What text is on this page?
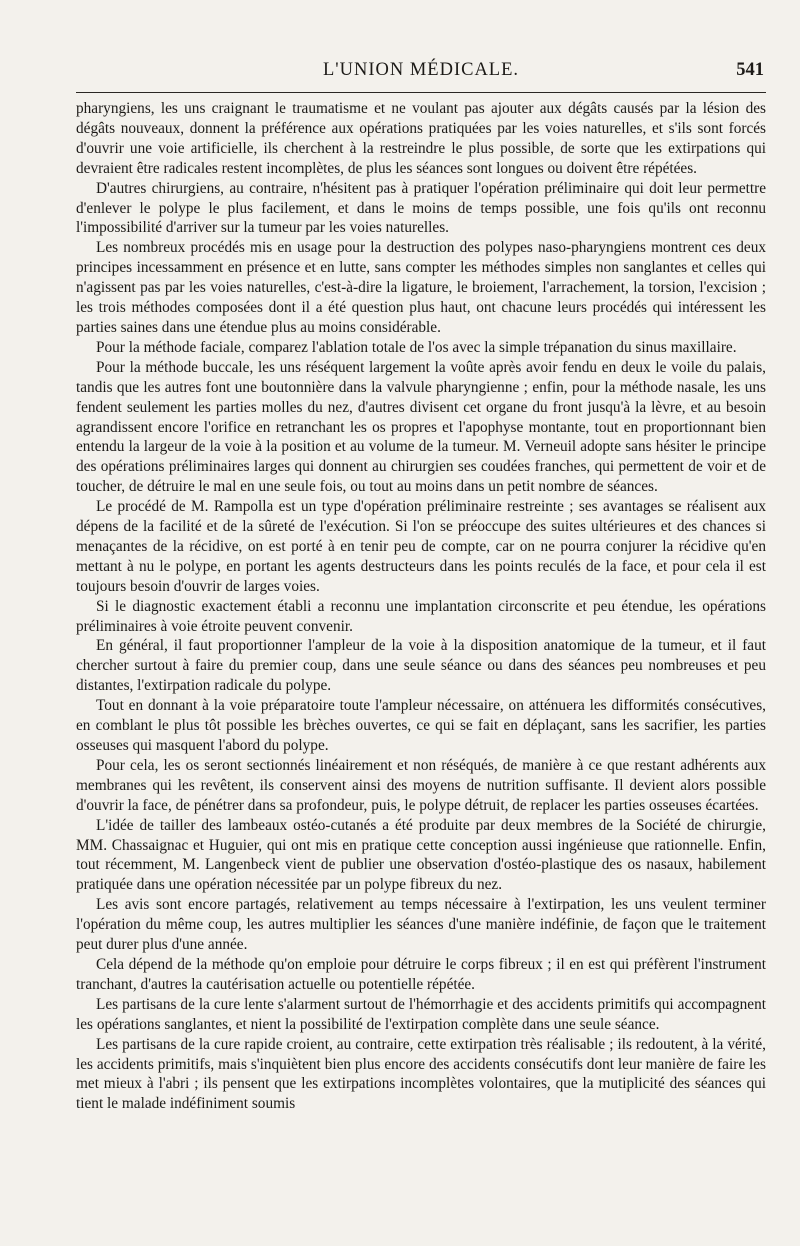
L'UNION MÉDICALE.	541

pharyngiens, les uns craignant le traumatisme et ne voulant pas ajouter aux dégâts causés par la lésion des dégâts nouveaux, donnent la préférence aux opérations pratiquées par les voies naturelles, et s'ils sont forcés d'ouvrir une voie artificielle, ils cherchent à la restreindre le plus possible, de sorte que les extirpations qui devraient être radicales restent incomplètes, de plus les séances sont longues ou doivent être répétées.

D'autres chirurgiens, au contraire, n'hésitent pas à pratiquer l'opération préliminaire qui doit leur permettre d'enlever le polype le plus facilement, et dans le moins de temps possible, une fois qu'ils ont reconnu l'impossibilité d'arriver sur la tumeur par les voies naturelles.

Les nombreux procédés mis en usage pour la destruction des polypes naso-pharyngiens montrent ces deux principes incessamment en présence et en lutte, sans compter les méthodes simples non sanglantes et celles qui n'agissent pas par les voies naturelles, c'est-à-dire la ligature, le broiement, l'arrachement, la torsion, l'excision ; les trois méthodes composées dont il a été question plus haut, ont chacune leurs procédés qui intéressent les parties saines dans une étendue plus au moins considérable.

Pour la méthode faciale, comparez l'ablation totale de l'os avec la simple trépanation du sinus maxillaire.

Pour la méthode buccale, les uns réséquent largement la voûte après avoir fendu en deux le voile du palais, tandis que les autres font une boutonnière dans la valvule pharyngienne ; enfin, pour la méthode nasale, les uns fendent seulement les parties molles du nez, d'autres divisent cet organe du front jusqu'à la lèvre, et au besoin agrandissent encore l'orifice en retranchant les os propres et l'apophyse montante, tout en proportionnant bien entendu la largeur de la voie à la position et au volume de la tumeur. M. Verneuil adopte sans hésiter le principe des opérations préliminaires larges qui donnent au chirurgien ses coudées franches, qui permettent de voir et de toucher, de détruire le mal en une seule fois, ou tout au moins dans un petit nombre de séances.

Le procédé de M. Rampolla est un type d'opération préliminaire restreinte ; ses avantages se réalisent aux dépens de la facilité et de la sûreté de l'exécution. Si l'on se préoccupe des suites ultérieures et des chances si menaçantes de la récidive, on est porté à en tenir peu de compte, car on ne pourra conjurer la récidive qu'en mettant à nu le polype, en portant les agents destructeurs dans les points reculés de la face, et pour cela il est toujours besoin d'ouvrir de larges voies.

Si le diagnostic exactement établi a reconnu une implantation circonscrite et peu étendue, les opérations préliminaires à voie étroite peuvent convenir.

En général, il faut proportionner l'ampleur de la voie à la disposition anatomique de la tumeur, et il faut chercher surtout à faire du premier coup, dans une seule séance ou dans des séances peu nombreuses et peu distantes, l'extirpation radicale du polype.

Tout en donnant à la voie préparatoire toute l'ampleur nécessaire, on atténuera les difformités consécutives, en comblant le plus tôt possible les brèches ouvertes, ce qui se fait en déplaçant, sans les sacrifier, les parties osseuses qui masquent l'abord du polype.

Pour cela, les os seront sectionnés linéairement et non réséqués, de manière à ce que restant adhérents aux membranes qui les revêtent, ils conservent ainsi des moyens de nutrition suffisante. Il devient alors possible d'ouvrir la face, de pénétrer dans sa profondeur, puis, le polype détruit, de replacer les parties osseuses écartées.

L'idée de tailler des lambeaux ostéo-cutanés a été produite par deux membres de la Société de chirurgie, MM. Chassaignac et Huguier, qui ont mis en pratique cette conception aussi ingénieuse que rationnelle. Enfin, tout récemment, M. Langenbeck vient de publier une observation d'ostéo-plastique des os nasaux, habilement pratiquée dans une opération nécessitée par un polype fibreux du nez.

Les avis sont encore partagés, relativement au temps nécessaire à l'extirpation, les uns veulent terminer l'opération du même coup, les autres multiplier les séances d'une manière indéfinie, de façon que le traitement peut durer plus d'une année.

Cela dépend de la méthode qu'on emploie pour détruire le corps fibreux ; il en est qui préfèrent l'instrument tranchant, d'autres la cautérisation actuelle ou potentielle répétée.

Les partisans de la cure lente s'alarment surtout de l'hémorrhagie et des accidents primitifs qui accompagnent les opérations sanglantes, et nient la possibilité de l'extirpation complète dans une seule séance.

Les partisans de la cure rapide croient, au contraire, cette extirpation très réalisable ; ils redoutent, à la vérité, les accidents primitifs, mais s'inquiètent bien plus encore des accidents consécutifs dont leur manière de faire les met mieux à l'abri ; ils pensent que les extirpations incomplètes volontaires, que la mutiplicité des séances qui tient le malade indéfiniment soumis
